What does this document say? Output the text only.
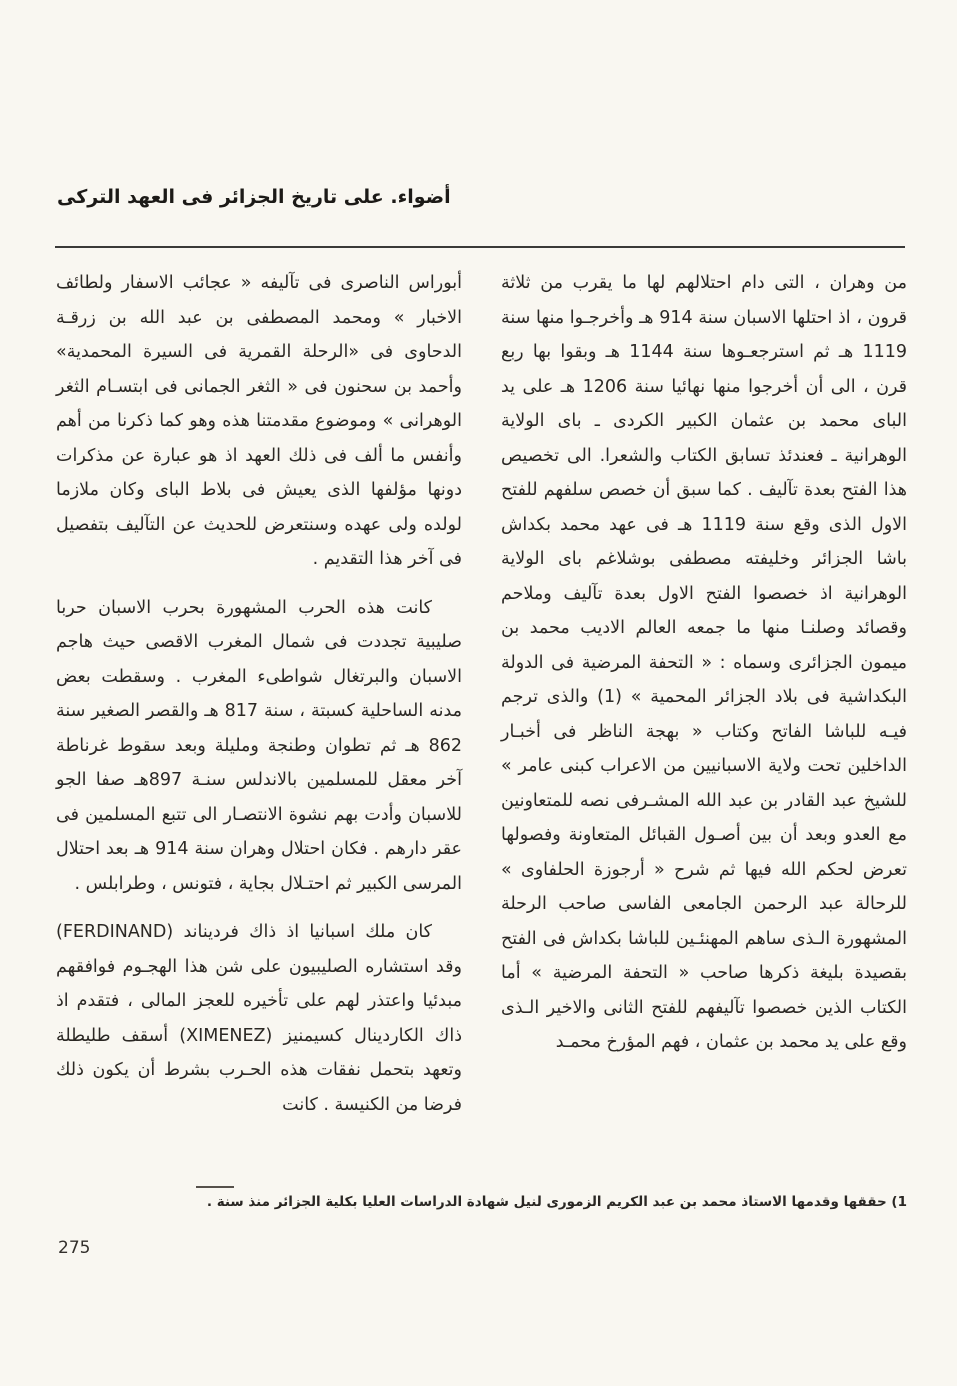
أضواء. على تاريخ الجزائر فى العهد التركى

من وهران ، التى دام احتلالهم لها ما يقرب من ثلاثة قرون ، اذ احتلها الاسبان سنة 914 هـ وأخرجـوا منها سنة 1119 هـ ثم استرجعـوها سنة 1144 هـ وبقوا بها ربع قرن ، الى أن أخرجوا منها نهائيا سنة 1206 هـ على يد الباى محمد بن عثمان الكبير الكردى ـ باى الولاية الوهرانية ـ فعندئذ تسابق الكتاب والشعرا. الى تخصيص هذا الفتح بعدة تآليف . كما سبق أن خصص سلفهم للفتح الاول الذى وقع سنة 1119 هـ فى عهد محمد بكداش باشا الجزائر وخليفته مصطفى بوشلاغم باى الولاية الوهرانية اذ خصصوا الفتح الاول بعدة تآليف وملاحم وقصائد وصلنـا منها ما جمعه العالم الاديب محمد بن ميمون الجزائرى وسماه : « التحفة المرضية فى الدولة البكداشية فى بلاد الجزائر المحمية » (1) والذى ترجم فيـه للباشا الفاتح وكتاب « بهجة الناظر فى أخبـار الداخلين تحت ولاية الاسبانيين من الاعراب كبنى عامر » للشيخ عبد القادر بن عبد الله المشـرفى نصه للمتعاونين مع العدو وبعد أن بين أصـول القبائل المتعاونة وفصولها تعرض لحكم الله فيها ثم شرح « أرجوزة الحلفاوى » للرحالة عبد الرحمن الجامعى الفاسى صاحب الرحلة المشهورة الـذى ساهم المهنئـين للباشا بكداش فى الفتح بقصيدة بليغة ذكرها صاحب « التحفة المرضية » أما الكتاب الذين خصصوا تآليفهم للفتح الثانى والاخير الـذى وقع على يد محمد بن عثمان ، فهم المؤرخ محمـد

أبوراس الناصرى فى تآليفه « عجائب الاسفار ولطائف الاخبار » ومحمد المصطفى بن عبد الله بن زرقـة الدحاوى فى «الرحلة القمرية فى السيرة المحمدية» وأحمد بن سحنون فى « الثغر الجمانى فى ابتسـام الثغر الوهرانى » وموضوع مقدمتنا هذه وهو كما ذكرنا من أهم وأنفس ما ألف فى ذلك العهد اذ هو عبارة عن مذكرات دونها مؤلفها الذى يعيش فى بلاط الباى وكان ملازما لولده ولى عهده وسنتعرض للحديث عن التآليف بتفصيل فى آخر هذا التقديم .

كانت هذه الحرب المشهورة بحرب الاسبان حربا صليبية تجددت فى شمال المغرب الاقصى حيث هاجم الاسبان والبرتغال شواطىء المغرب . وسقطت بعض مدنه الساحلية كسبتة ، سنة 817 هـ والقصر الصغير سنة 862 هـ ثم تطوان وطنجة ومليلة وبعد سقوط غرناطة آخر معقل للمسلمين بالاندلس سنـة 897هـ صفا الجو للاسبان وأدت بهم نشوة الانتصـار الى تتبع المسلمين فى عقر دارهم . فكان احتلال وهران سنة 914 هـ بعد احتلال المرسى الكبير ثم احتـلال بجاية ، فتونس ، وطرابلس .

كان ملك اسبانيا اذ ذاك فرديناند (FERDINAND) وقد استشاره الصليبيون على شن هذا الهجـوم فوافقهم مبدئيا واعتذر لهم على تأخيره للعجز المالى ، فتقدم اذ ذاك الكاردينال كسيمنيز (XIMENEZ) أسقف طليطلة وتعهد بتحمل نفقات هذه الحـرب بشرط أن يكون ذلك فرضا من الكنيسة . كانت

1) حققها وقدمها الاستاذ محمد بن عبد الكريم الزمورى لنيل شهادة الدراسات العليا بكلية الجزائر منذ سنة .
275
